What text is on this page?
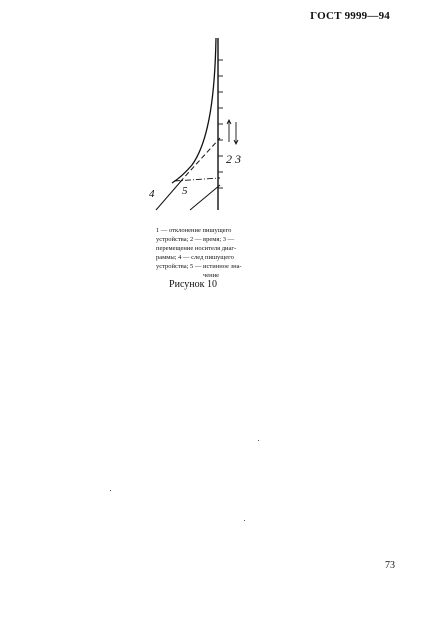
ГОСТ 9999—94
2 3
4	5
1 — отклонение пишущего
устройства; 2 — время; 3 —
перемещение носителя диаг-
раммы; 4 — след пишущего
устройства; 5 — истинное зна-

чение
Рисунок 10
73
